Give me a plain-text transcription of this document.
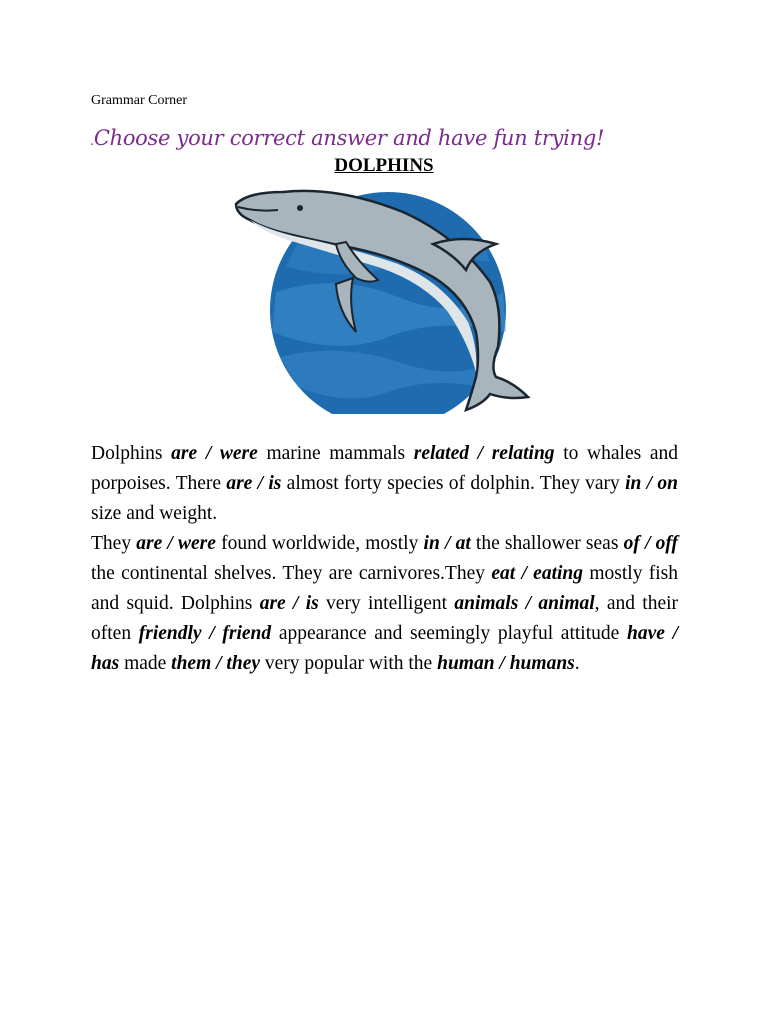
Grammar Corner
.Choose your correct answer and have fun trying!
DOLPHINS

Dolphins are / were marine mammals related / relating to whales and porpoises. There are / is almost forty species of dolphin. They vary in / on size and weight.

They are / were found worldwide, mostly in / at the shallower seas of / off the continental shelves. They are carnivores.They eat / eating mostly fish and squid. Dolphins are / is very intelligent animals / animal, and their often friendly / friend appearance and seemingly playful attitude have / has made them / they very popular with the human / humans.
